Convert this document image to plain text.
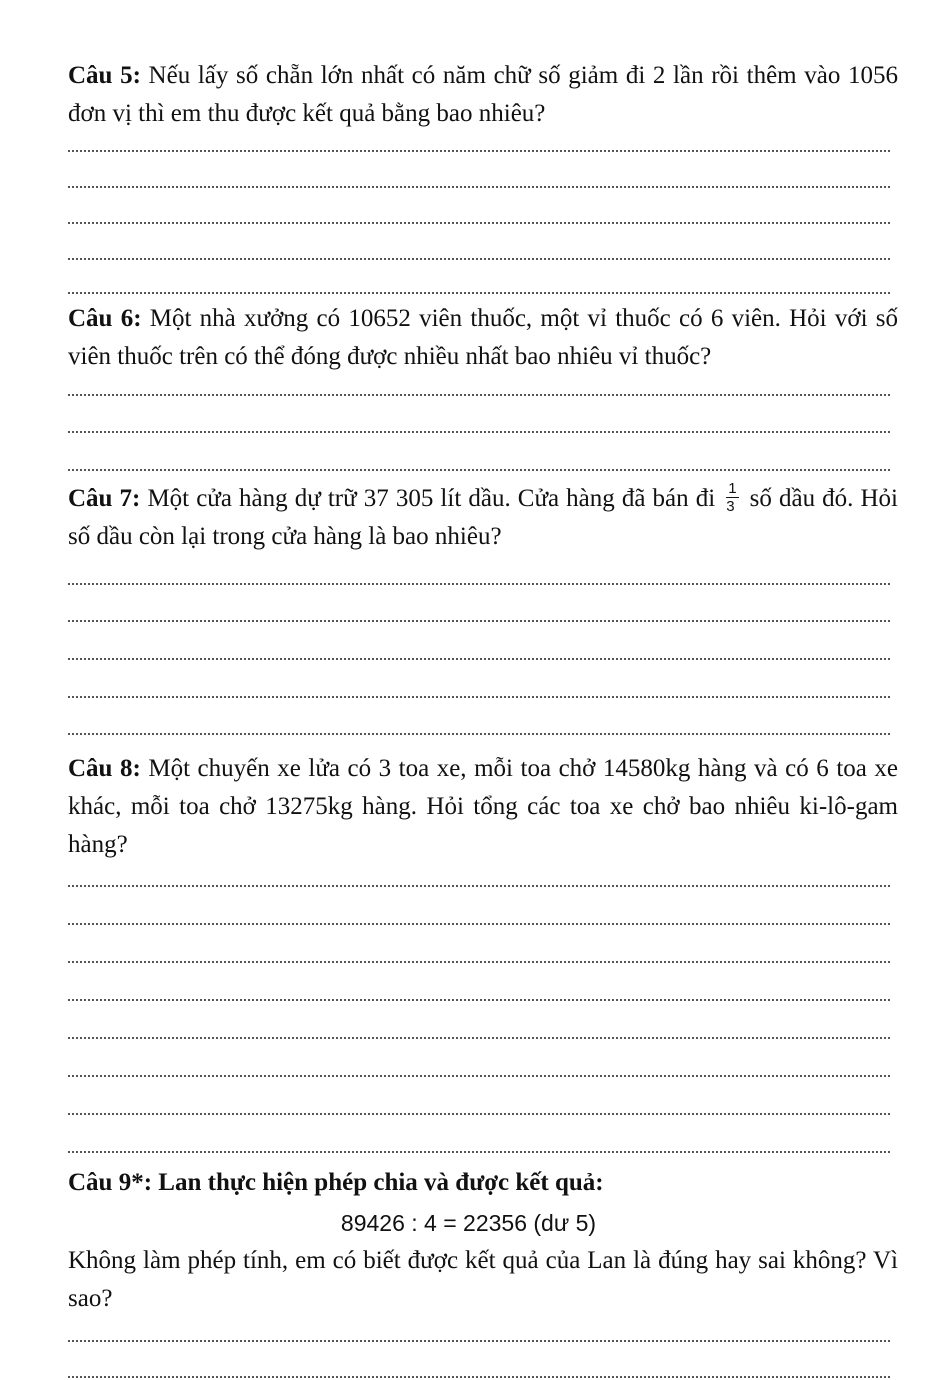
Câu 5: Nếu lấy số chẵn lớn nhất có năm chữ số giảm đi 2 lần rồi thêm vào 1056 đơn vị thì em thu được kết quả bằng bao nhiêu?
Câu 6: Một nhà xưởng có 10652 viên thuốc, một vỉ thuốc có 6 viên. Hỏi với số viên thuốc trên có thể đóng được nhiều nhất bao nhiêu vỉ thuốc?
Câu 7: Một cửa hàng dự trữ 37 305 lít dầu. Cửa hàng đã bán đi $\frac{1}{3}$ số dầu đó. Hỏi số dầu còn lại trong cửa hàng là bao nhiêu?
Câu 8: Một chuyến xe lửa có 3 toa xe, mỗi toa chở 14580kg hàng và có 6 toa xe khác, mỗi toa chở 13275kg hàng. Hỏi tổng các toa xe chở bao nhiêu ki-lô-gam hàng?
Câu 9*: Lan thực hiện phép chia và được kết quả:
89426 : 4 = 22356 (dư 5)
Không làm phép tính, em có biết được kết quả của Lan là đúng hay sai không? Vì sao?
